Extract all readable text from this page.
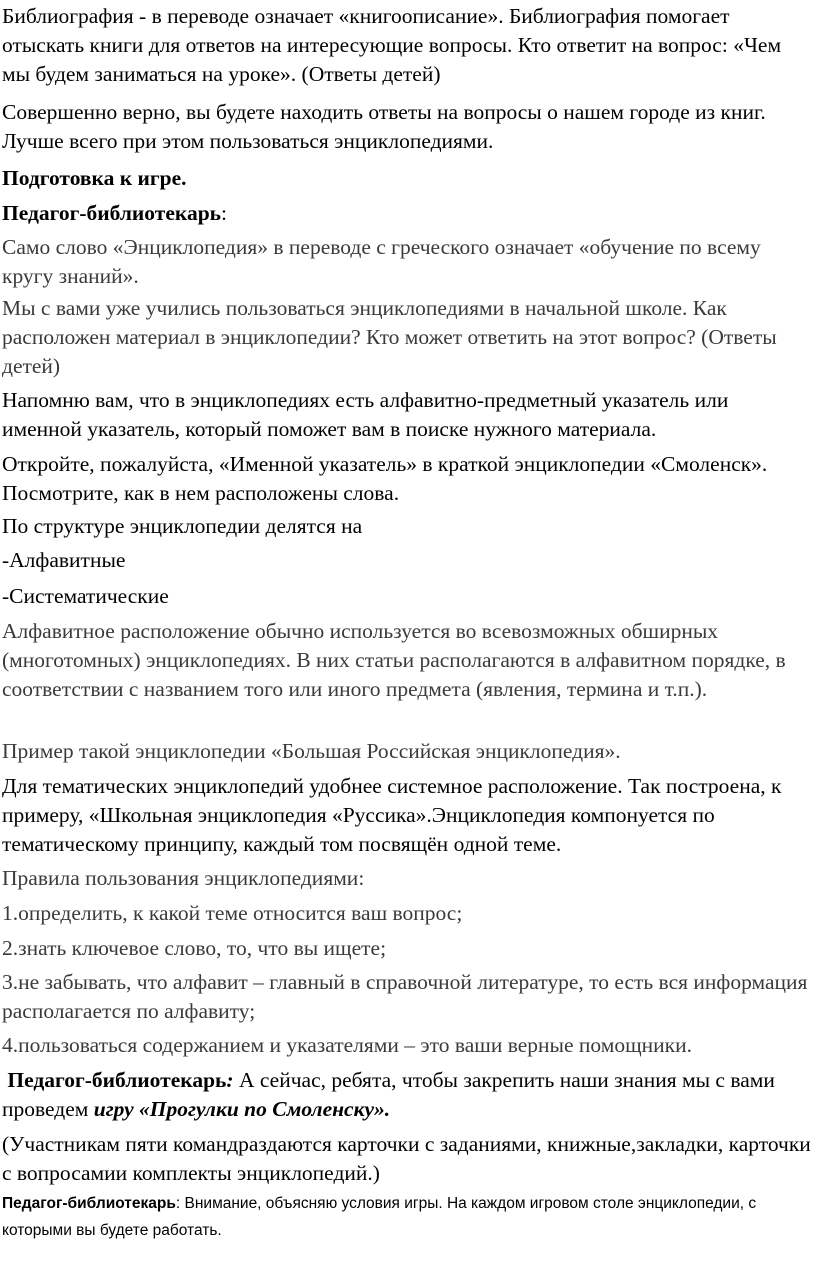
Библиография - в переводе означает «книгоописание». Библиография помогает отыскать книги для ответов на интересующие вопросы. Кто ответит на вопрос: «Чем мы будем заниматься на уроке». (Ответы детей)

Совершенно верно, вы будете находить ответы на вопросы о нашем городе из книг. Лучше всего при этом пользоваться энциклопедиями.

Подготовка к игре.

Педагог-библиотекарь:

Само слово «Энциклопедия» в переводе с греческого означает «обучение по всему кругу знаний».

Мы с вами уже учились пользоваться энциклопедиями в начальной школе. Как расположен материал в энциклопедии? Кто может ответить на этот вопрос? (Ответы детей)

Напомню вам, что в энциклопедиях есть алфавитно-предметный указатель или именной указатель, который поможет вам в поиске нужного материала.

Откройте, пожалуйста, «Именной указатель» в краткой энциклопедии «Смоленск». Посмотрите, как в нем расположены слова.

По структуре энциклопедии делятся на

-Алфавитные

-Систематические

Алфавитное расположение обычно используется во всевозможных обширных (многотомных) энциклопедиях. В них статьи располагаются в алфавитном порядке, в соответствии с названием того или иного предмета (явления, термина и т.п.).

Пример такой энциклопедии «Большая Российская энциклопедия».

Для тематических энциклопедий удобнее системное расположение. Так построена, к примеру, «Школьная энциклопедия «Руссика».Энциклопедия компонуется по тематическому принципу, каждый том посвящён одной теме.

Правила пользования энциклопедиями:

1.определить, к какой теме относится ваш вопрос;

2.знать ключевое слово, то, что вы ищете;

3.не забывать, что алфавит – главный в справочной литературе, то есть вся информация располагается по алфавиту;

4.пользоваться содержанием и указателями – это ваши верные помощники.

Педагог-библиотекарь: А сейчас, ребята, чтобы закрепить наши знания мы с вами проведем игру «Прогулки по Смоленску».

(Участникам пяти командраздаются карточки с заданиями, книжные,закладки, карточки с вопросамии комплекты энциклопедий.)

Педагог-библиотекарь: Внимание, объясняю условия игры. На каждом игровом столе энциклопедии, с которыми вы будете работать.
